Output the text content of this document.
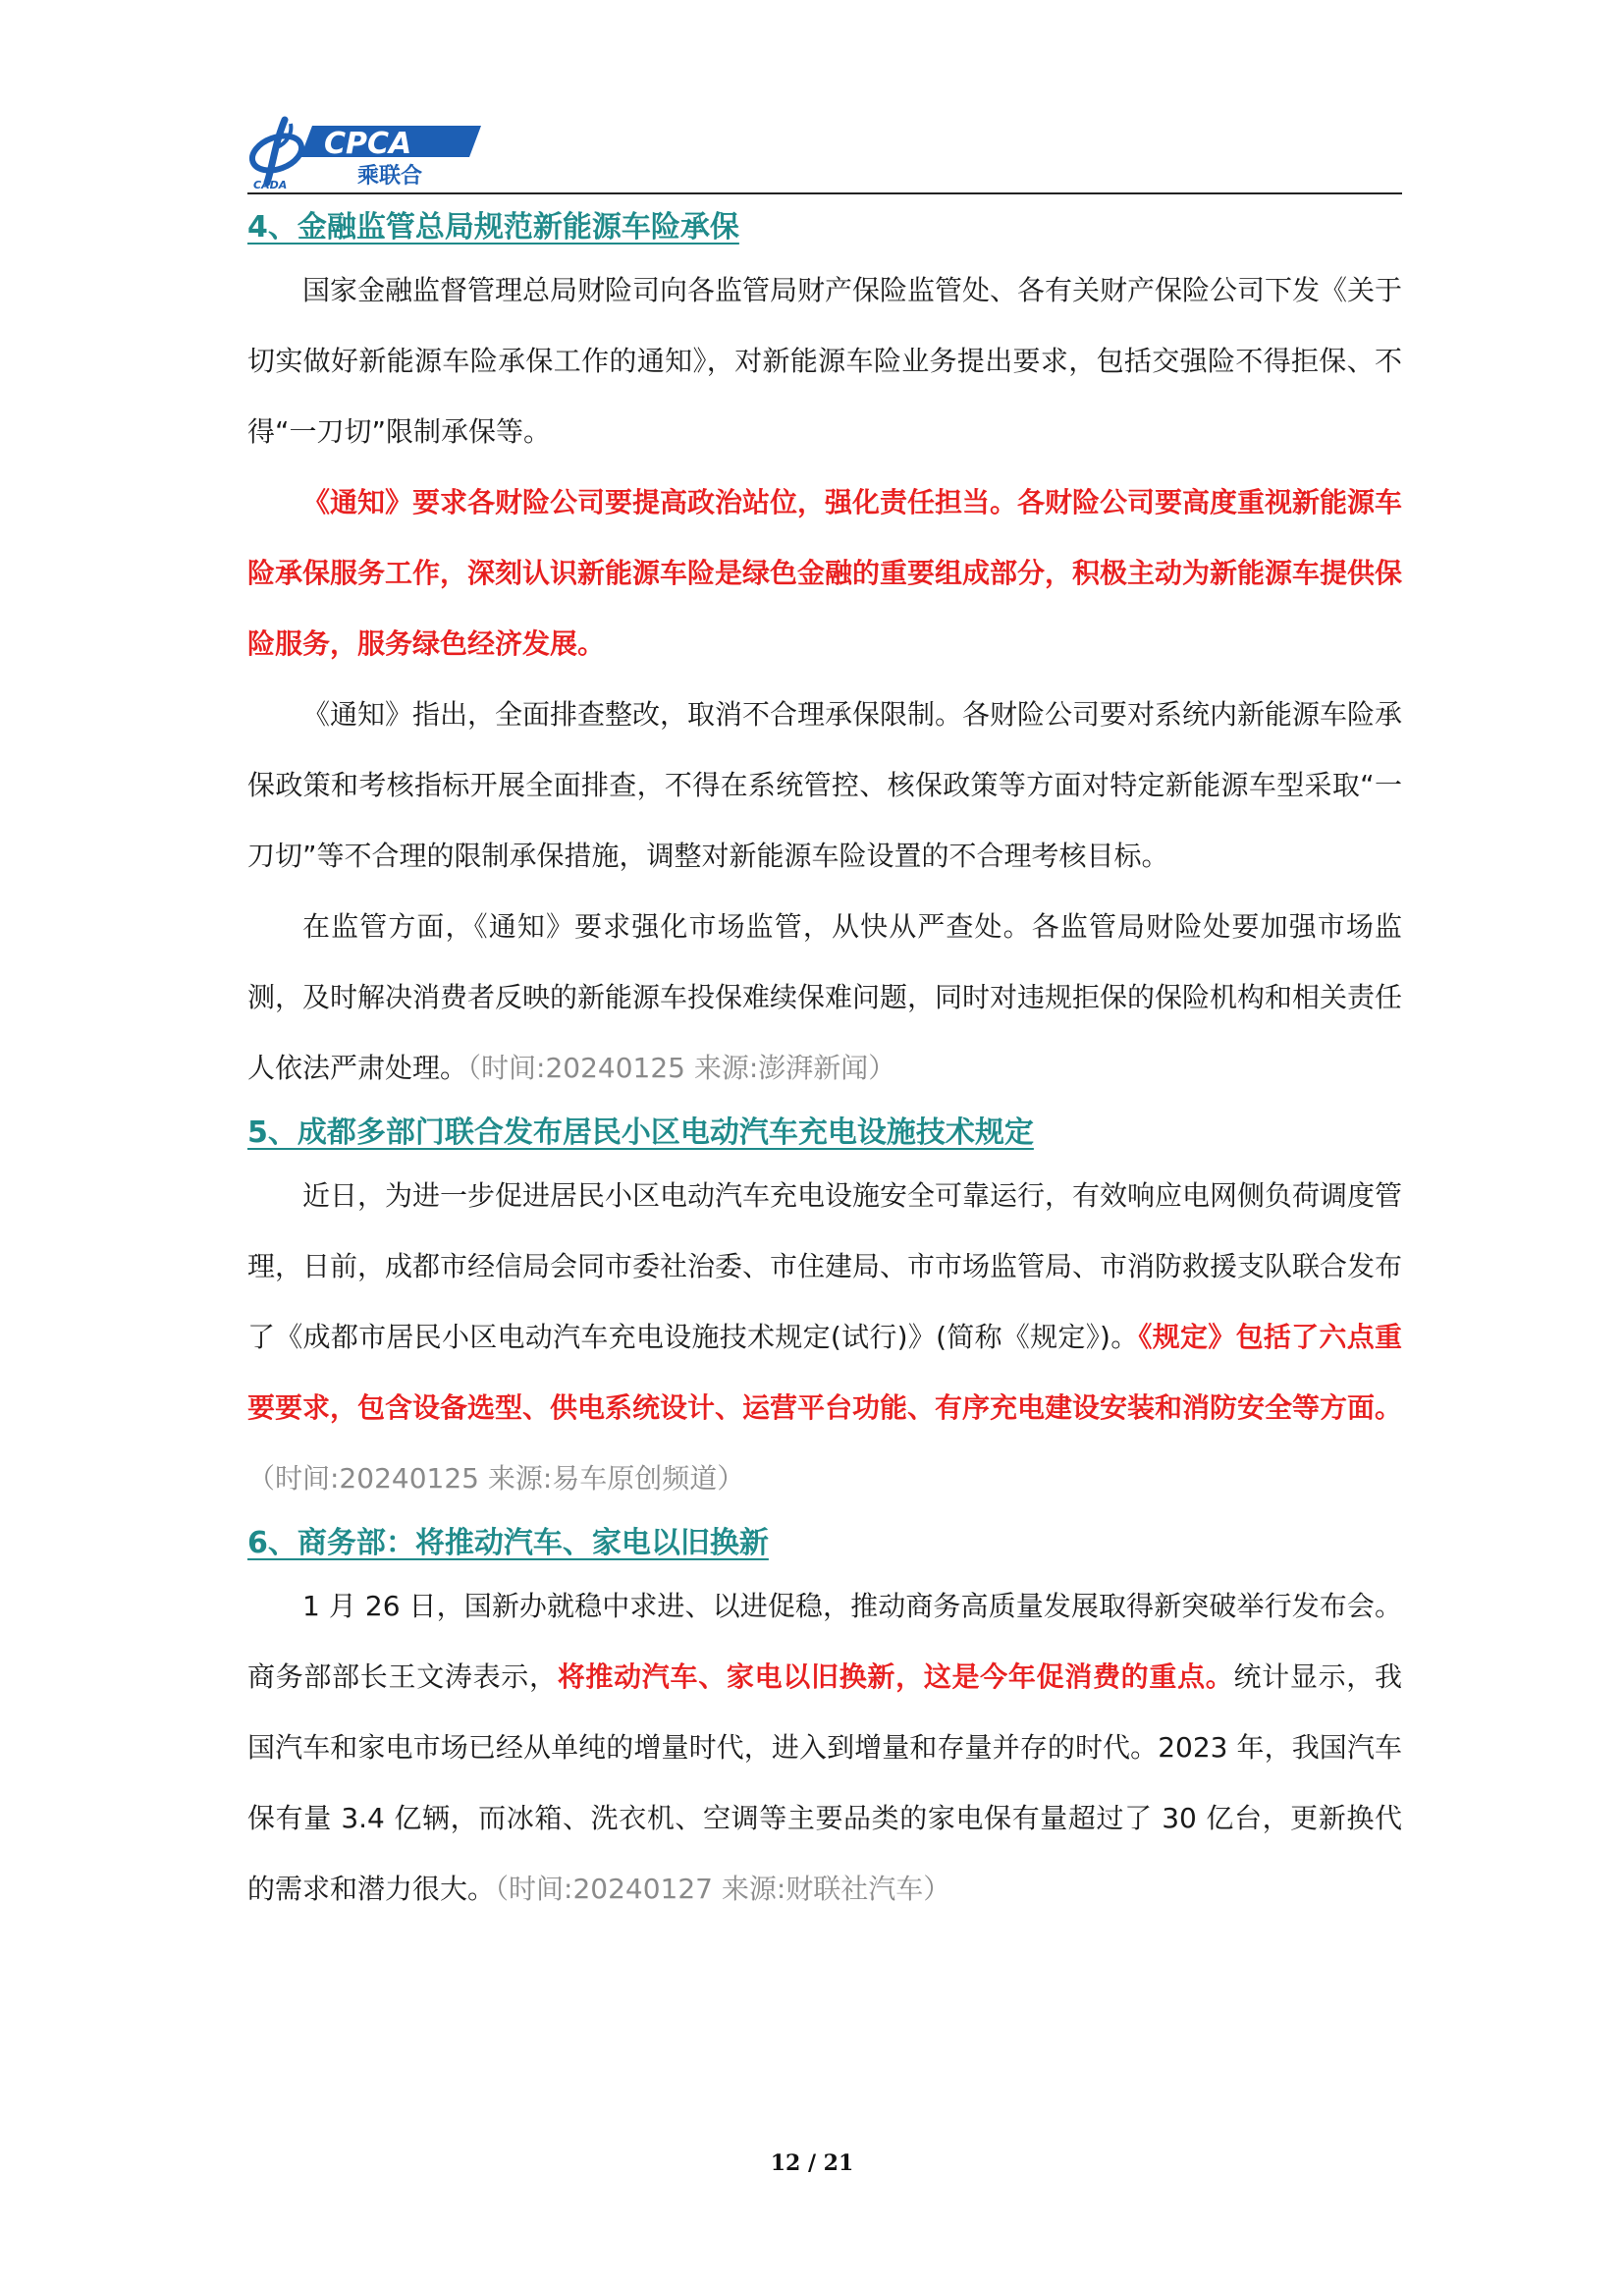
CADA
CPCA
乘联合
4、金融监管总局规范新能源车险承保

国家金融监督管理总局财险司向各监管局财产保险监管处、各有关财产保险公司下发《关于切实做好新能源车险承保工作的通知》，对新能源车险业务提出要求，包括交强险不得拒保、不得“一刀切”限制承保等。

《通知》要求各财险公司要提高政治站位，强化责任担当。各财险公司要高度重视新能源车险承保服务工作，深刻认识新能源车险是绿色金融的重要组成部分，积极主动为新能源车提供保险服务，服务绿色经济发展。

《通知》指出，全面排查整改，取消不合理承保限制。各财险公司要对系统内新能源车险承保政策和考核指标开展全面排查，不得在系统管控、核保政策等方面对特定新能源车型采取“一刀切”等不合理的限制承保措施，调整对新能源车险设置的不合理考核目标。

在监管方面，《通知》要求强化市场监管，从快从严查处。各监管局财险处要加强市场监测，及时解决消费者反映的新能源车投保难续保难问题，同时对违规拒保的保险机构和相关责任人依法严肃处理。（时间:20240125 来源:澎湃新闻）

5、成都多部门联合发布居民小区电动汽车充电设施技术规定

近日，为进一步促进居民小区电动汽车充电设施安全可靠运行，有效响应电网侧负荷调度管理，日前，成都市经信局会同市委社治委、市住建局、市市场监管局、市消防救援支队联合发布了《成都市居民小区电动汽车充电设施技术规定(试行)》(简称《规定》)。《规定》包括了六点重要要求，包含设备选型、供电系统设计、运营平台功能、有序充电建设安装和消防安全等方面。（时间:20240125 来源:易车原创频道）

6、商务部：将推动汽车、家电以旧换新

1 月 26 日，国新办就稳中求进、以进促稳，推动商务高质量发展取得新突破举行发布会。商务部部长王文涛表示，将推动汽车、家电以旧换新，这是今年促消费的重点。统计显示，我国汽车和家电市场已经从单纯的增量时代，进入到增量和存量并存的时代。2023 年，我国汽车保有量 3.4 亿辆，而冰箱、洗衣机、空调等主要品类的家电保有量超过了 30 亿台，更新换代的需求和潜力很大。（时间:20240127 来源:财联社汽车）

12 / 21
